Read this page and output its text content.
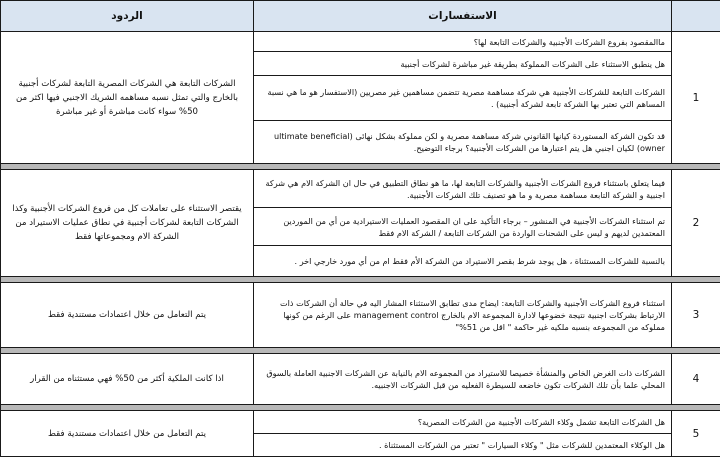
	الاستفسارات	الردود
1	ماالمقصود بفروع الشركات الأجنبية والشركات التابعة لها؟	الشركات التابعة هي الشركات المصرية التابعة لشركات أجنبية بالخارج والتي تمثل نسبه مساهمه الشريك الاجنبي فيها اكثر من 50% سواء كانت مباشرة أو غير مباشرة
	هل ينطبق الاستثناء على الشركات المملوكة بطريقة غير مباشرة لشركات أجنبية	
	الشركات التابعة للشركات الأجنبية هي شركة مساهمة مصرية تتضمن مساهمين غير مصريين (الاستفسار هو ما هي نسبة المساهم التي تعتبر بها الشركة تابعة لشركة أجنبية) .	
	قد تكون الشركة المستوردة كيانها القانوني شركة مساهمة مصرية و لكن مملوكة بشكل نهائى (ultimate beneficial owner) لكيان اجنبي هل يتم اعتبارها من الشركات الأجنبية؟ برجاء التوضيح.	

2	فيما يتعلق باستثناء فروع الشركات الأجنبية والشركات التابعة لها، ما هو نطاق التطبيق في حال ان الشركة الام هي شركة اجنبية و الشركة التابعة مساهمة مصرية و ما هو تصنيف تلك الشركات الأجنبية.	يقتصر الاستثناء على تعاملات كل من فروع الشركات الأجنبية وكذا الشركات التابعة لشركات أجنبية في نطاق عمليات الاستيراد من الشركة الام ومجموعاتها فقط
	تم استثناء الشركات الأجنبية في المنشور – برجاء التأكيد على ان المقصود العمليات الاستيرادية من أي من الموردين المعتمدين لديهم و ليس على الشحنات الواردة من الشركات التابعة / الشركة الام فقط	
	بالنسبة للشركات المستثناة ، هل يوجد شرط بقصر الاستيراد من الشركة الأم فقط ام من أي مورد خارجي اخر .	

3	استثناء فروع الشركات الأجنبية والشركات التابعة: ايضاح مدى تطابق الاستثناء المشار اليه في حالة أن الشركات ذات الارتباط بشركات اجنبية نتيجة خضوعها لادارة المجموعة الام بالخارج management control على الرغم من كونها مملوكه من المجموعه بنسبه ملكيه غير حاكمة " اقل من 51%"	يتم التعامل من خلال اعتمادات مستندية فقط

4	الشركات ذات الغرض الخاص والمنشأة خصيصا للاستيراد من المجموعه الام بالنيابة عن الشركات الاجنبية العاملة بالسوق المحلي علما بأن تلك الشركات تكون خاضعه للسيطرة الفعليه من قبل الشركات الاجنبيه.	اذا كانت الملكية أكثر من 50% فهي مستثناه من القرار

5	هل الشركات التابعة تشمل وكلاء الشركات الأجنبية من الشركات المصرية؟	يتم التعامل من خلال اعتمادات مستندية فقط
	هل الوكلاء المعتمدين للشركات مثل " وكلاء السيارات " تعتبر من الشركات المستثناة .	
